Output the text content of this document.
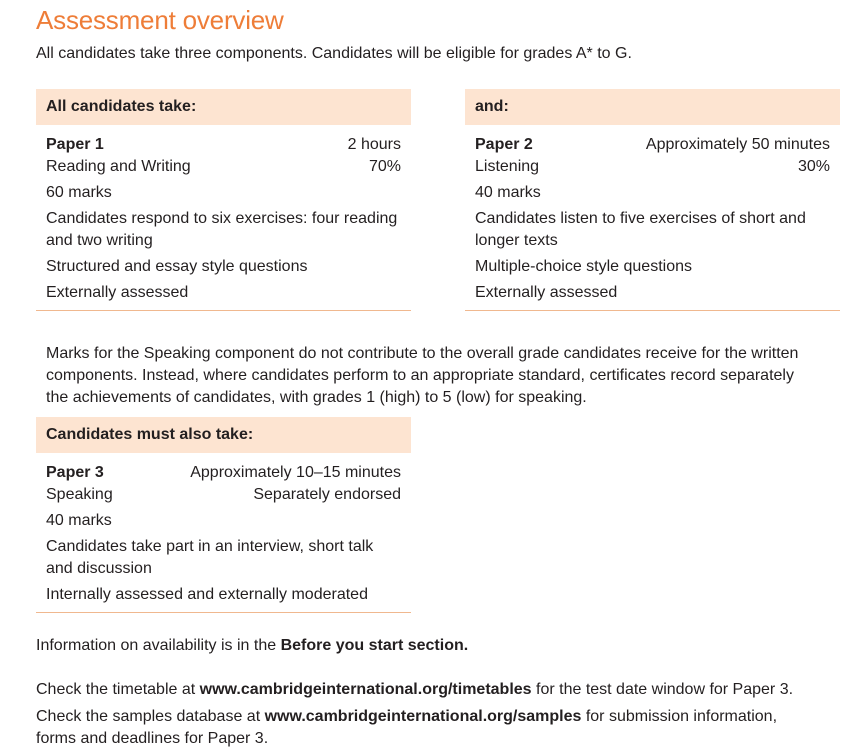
Assessment overview
All candidates take three components. Candidates will be eligible for grades A* to G.
All candidates take:
Paper 1	2 hours
Reading and Writing	70%
60 marks
Candidates respond to six exercises: four reading
and two writing
Structured and essay style questions
Externally assessed
and:
Paper 2	Approximately 50 minutes
Listening	30%
40 marks
Candidates listen to five exercises of short and
longer texts
Multiple-choice style questions
Externally assessed
Marks for the Speaking component do not contribute to the overall grade candidates receive for the written
components. Instead, where candidates perform to an appropriate standard, certificates record separately
the achievements of candidates, with grades 1 (high) to 5 (low) for speaking.
Candidates must also take:
Paper 3	Approximately 10–15 minutes
Speaking	Separately endorsed
40 marks
Candidates take part in an interview, short talk
and discussion
Internally assessed and externally moderated
Information on availability is in the Before you start section.
Check the timetable at www.cambridgeinternational.org/timetables for the test date window for Paper 3.
Check the samples database at www.cambridgeinternational.org/samples for submission information,
forms and deadlines for Paper 3.
